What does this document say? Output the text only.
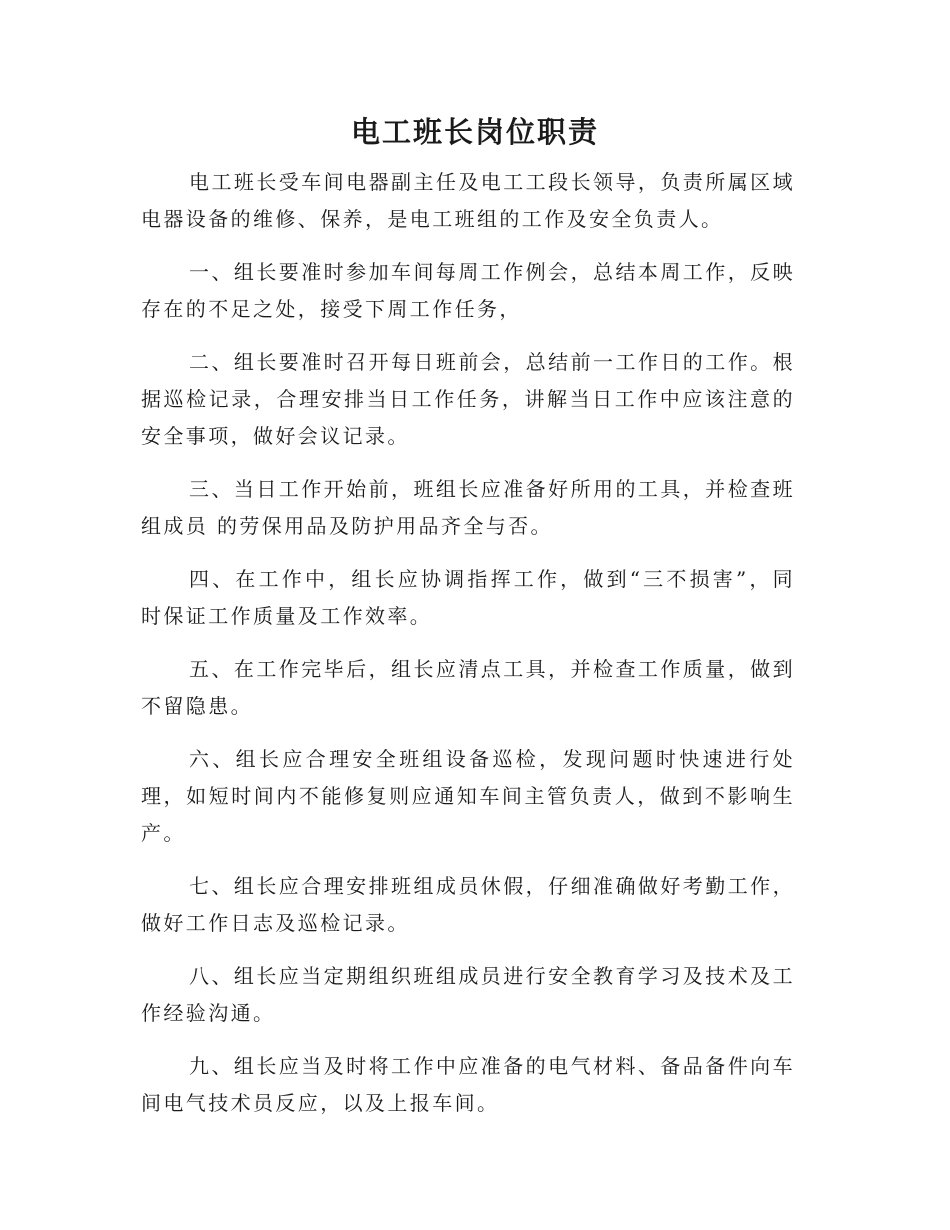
电工班长岗位职责

电工班长受车间电器副主任及电工工段长领导，负责所属区域电器设备的维修、保养，是电工班组的工作及安全负责人。

一、组长要准时参加车间每周工作例会，总结本周工作，反映存在的不足之处，接受下周工作任务，

二、组长要准时召开每日班前会，总结前一工作日的工作。根据巡检记录，合理安排当日工作任务，讲解当日工作中应该注意的安全事项，做好会议记录。

三、当日工作开始前，班组长应准备好所用的工具，并检查班组成员 的劳保用品及防护用品齐全与否。

四、在工作中，组长应协调指挥工作，做到“三不损害”，同时保证工作质量及工作效率。

五、在工作完毕后，组长应清点工具，并检查工作质量，做到不留隐患。

六、组长应合理安全班组设备巡检，发现问题时快速进行处理，如短时间内不能修复则应通知车间主管负责人，做到不影响生产。

七、组长应合理安排班组成员休假，仔细准确做好考勤工作，做好工作日志及巡检记录。

八、组长应当定期组织班组成员进行安全教育学习及技术及工作经验沟通。

九、组长应当及时将工作中应准备的电气材料、备品备件向车间电气技术员反应，以及上报车间。
